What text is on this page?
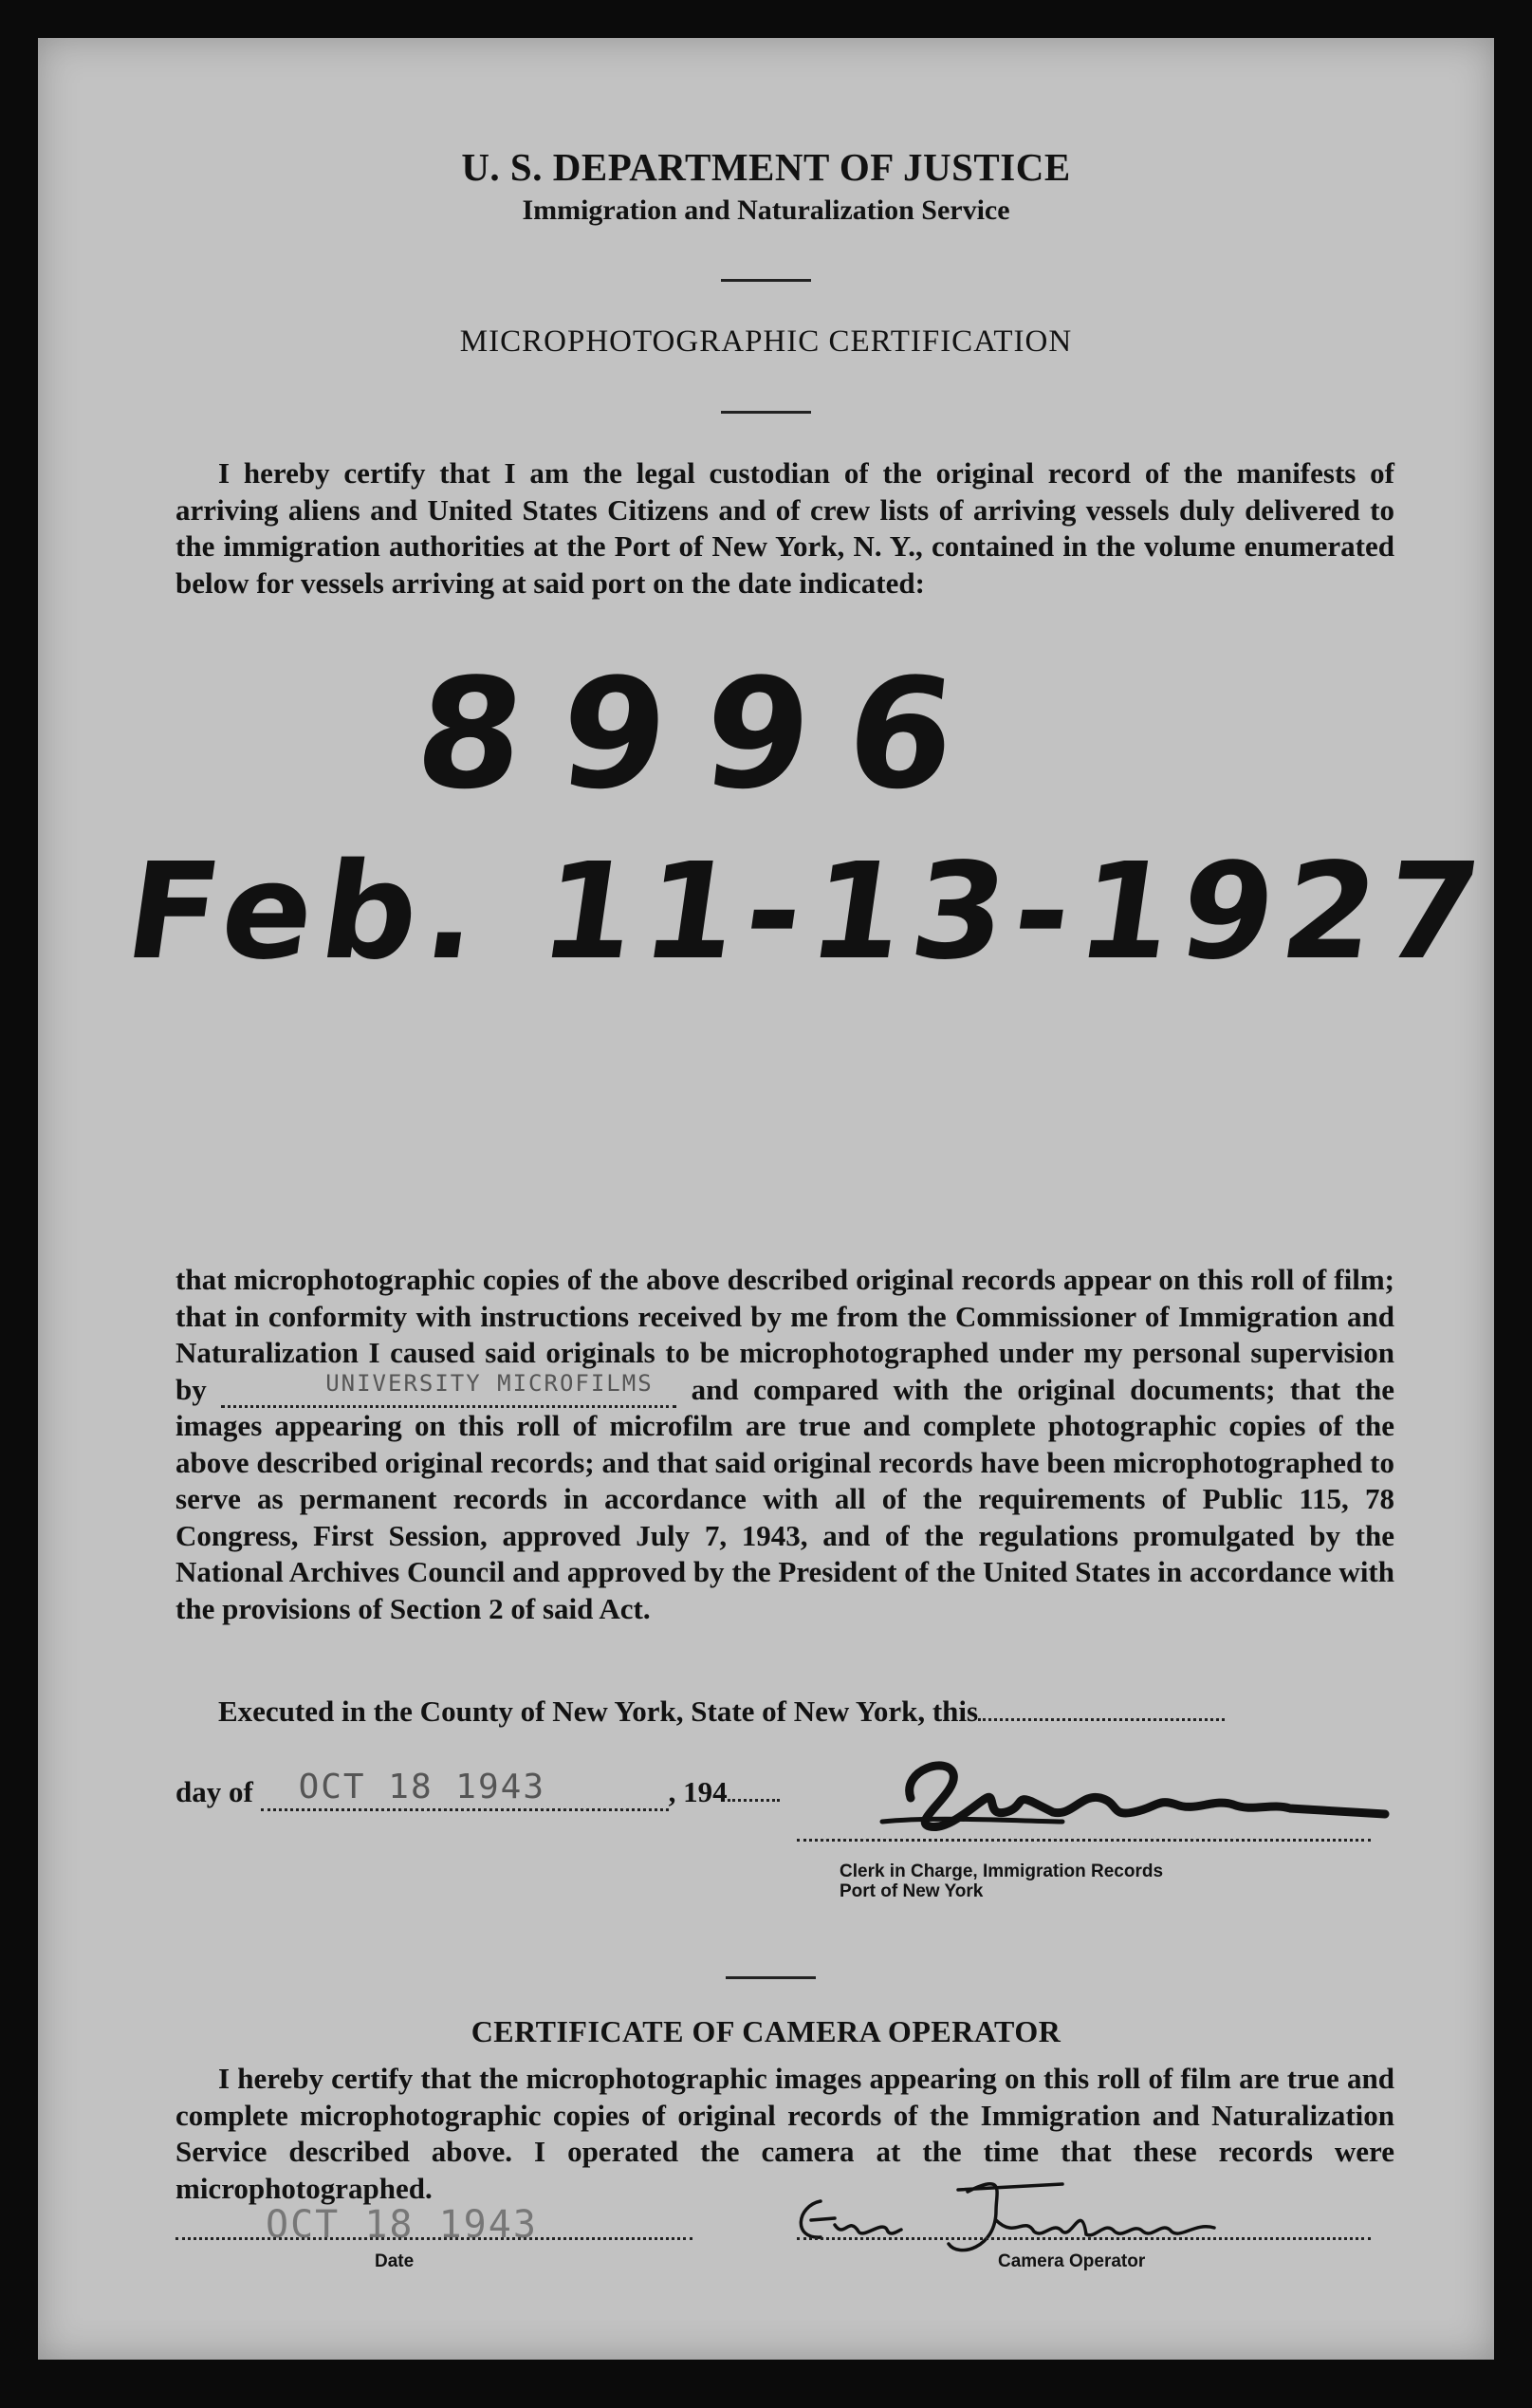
U. S. DEPARTMENT OF JUSTICE
Immigration and Naturalization Service
MICROPHOTOGRAPHIC CERTIFICATION
I hereby certify that I am the legal custodian of the original record of the manifests of arriving aliens and United States Citizens and of crew lists of arriving vessels duly delivered to the immigration authorities at the Port of New York, N. Y., contained in the volume enumerated below for vessels arriving at said port on the date indicated:
8996
Feb. 11-13-1927
that microphotographic copies of the above described original records appear on this roll of film; that in conformity with instructions received by me from the Commissioner of Immigration and Naturalization I caused said originals to be microphotographed under my personal supervision by	UNIVERSITY MICROFILMS and compared with the original documents; that the images appearing on this roll of microfilm are true and complete photographic copies of the above described original records; and that said original records have been microphotographed to serve as permanent records in accordance with all of the requirements of Public 115, 78 Congress, First Session, approved July 7, 1943, and of the regulations promulgated by the National Archives Council and approved by the President of the United States in accordance with the provisions of Section 2 of said Act.
Executed in the County of New York, State of New York, this
day of OCT 18 1943	, 194
Clerk in Charge, Immigration Records
Port of New York
CERTIFICATE OF CAMERA OPERATOR
I hereby certify that the microphotographic images appearing on this roll of film are true and complete microphotographic copies of original records of the Immigration and Naturalization Service described above. I operated the camera at the time that these records were microphotographed.
OCT 18 1943
Date	Camera Operator
